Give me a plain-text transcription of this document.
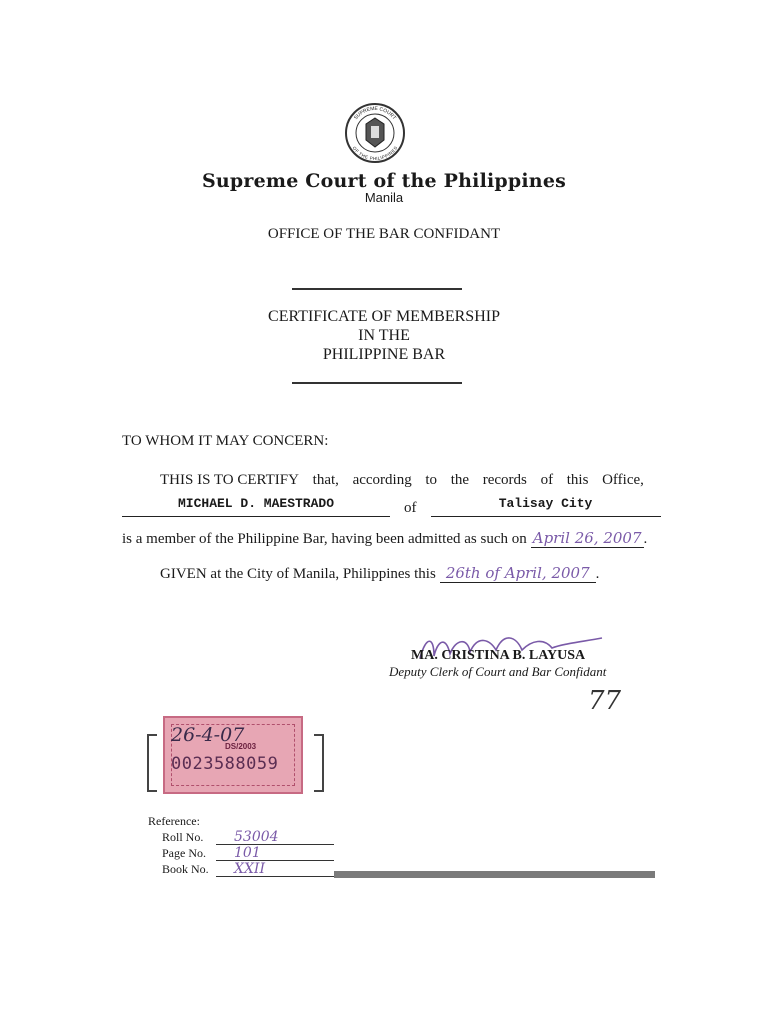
SUPREME COURT
OF THE PHILIPPINES
Supreme Court of the Philippines
Manila
OFFICE OF THE BAR CONFIDANT
CERTIFICATE OF MEMBERSHIP
IN THE
PHILIPPINE BAR
TO WHOM IT MAY CONCERN:
THIS IS TO CERTIFY that, according to the records of this Office,
MICHAEL D. MAESTRADO	of	Talisay City
is a member of the Philippine Bar, having been admitted as such on April 26, 2007 .
GIVEN at the City of Manila, Philippines this 26th of April, 2007 .
MA. CRISTINA B. LAYUSA
Deputy Clerk of Court and Bar Confidant
77
26-4-07
DS/2003
0023588059
Reference:
Roll No.	53004
Page No.	101
Book No.	XXII
